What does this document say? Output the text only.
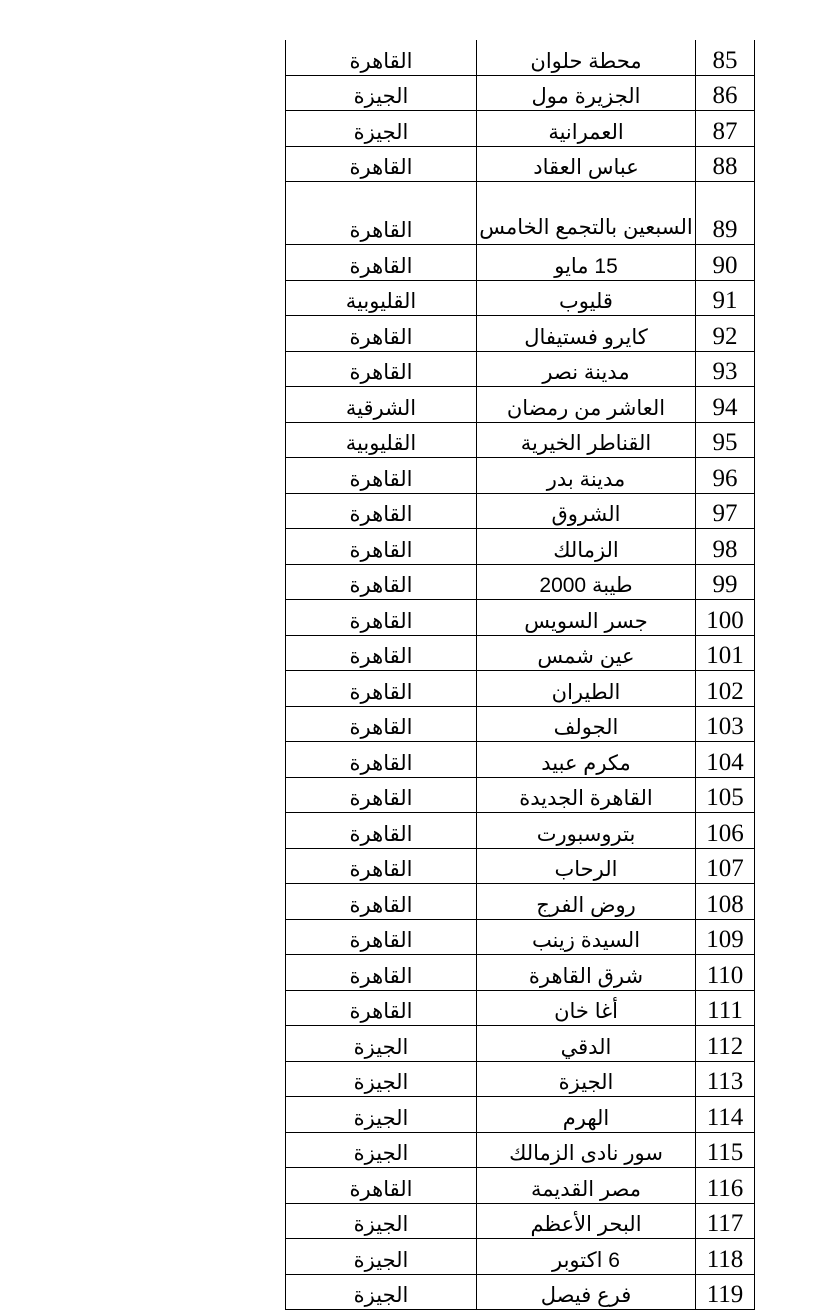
85	محطة حلوان	القاهرة
86	الجزيرة مول	الجيزة
87	العمرانية	الجيزة
88	عباس العقاد	القاهرة
89	السبعين بالتجمع الخامس	القاهرة
90	15 مايو	القاهرة
91	قليوب	القليوبية
92	كايرو فستيفال	القاهرة
93	مدينة نصر	القاهرة
94	العاشر من رمضان	الشرقية
95	القناطر الخيرية	القليوبية
96	مدينة بدر	القاهرة
97	الشروق	القاهرة
98	الزمالك	القاهرة
99	طيبة 2000	القاهرة
100	جسر السويس	القاهرة
101	عين شمس	القاهرة
102	الطيران	القاهرة
103	الجولف	القاهرة
104	مكرم عبيد	القاهرة
105	القاهرة الجديدة	القاهرة
106	بتروسبورت	القاهرة
107	الرحاب	القاهرة
108	روض الفرج	القاهرة
109	السيدة زينب	القاهرة
110	شرق القاهرة	القاهرة
111	أغا خان	القاهرة
112	الدقي	الجيزة
113	الجيزة	الجيزة
114	الهرم	الجيزة
115	سور نادى الزمالك	الجيزة
116	مصر القديمة	القاهرة
117	البحر الأعظم	الجيزة
118	6 اكتوبر	الجيزة
119	فرع فيصل	الجيزة
